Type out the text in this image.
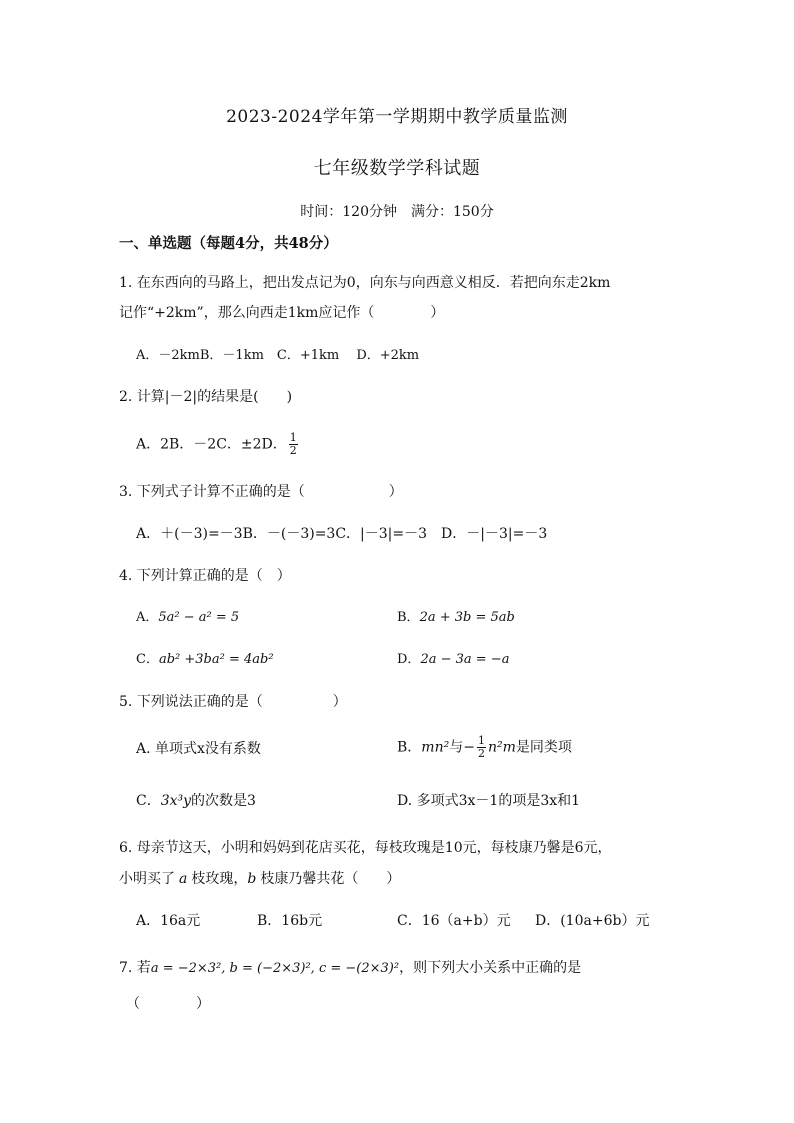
2023-2024学年第一学期期中教学质量监测
七年级数学学科试题
时间：120分钟　满分：150分
一、单选题（每题4分，共48分）
1. 在东西向的马路上，把出发点记为0，向东与向西意义相反．若把向东走2km
记作“+2km”，那么向西走1km应记作（　　　　）
A．－2kmB．－1km　C．+1km　 D．+2km
2. 计算|－2|的结果是(　　)
A．2B．－2C．±2D． $\frac{1}{2}$
3. 下列式子计算不正确的是（　　　　　　）
A．＋(－3)=－3B．－(－3)=3C．|－3|=－3　D．－|－3|=－3
4. 下列计算正确的是（　）
A．5a² − a² = 5	B．2a + 3b = 5ab
C．ab² +3ba² = 4ab²	D．2a − 3a = −a
5. 下列说法正确的是（　　　　　）
A. 单项式x没有系数	B．mn²与− $\frac{1}{2} n^2m$是同类项
C．3x³y的次数是3	D. 多项式3x－1的项是3x和1
6. 母亲节这天，小明和妈妈到花店买花，每枝玫瑰是10元，每枝康乃馨是6元，
小明买了 a 枝玫瑰，b 枝康乃馨共花（　　）
A．16a元	B．16b元	C．16（a+b）元 D．(10a+6b）元
7. 若a = −2×3², b = (−2×3)², c = −(2×3)²，则下列大小关系中正确的是
（　　　　）
